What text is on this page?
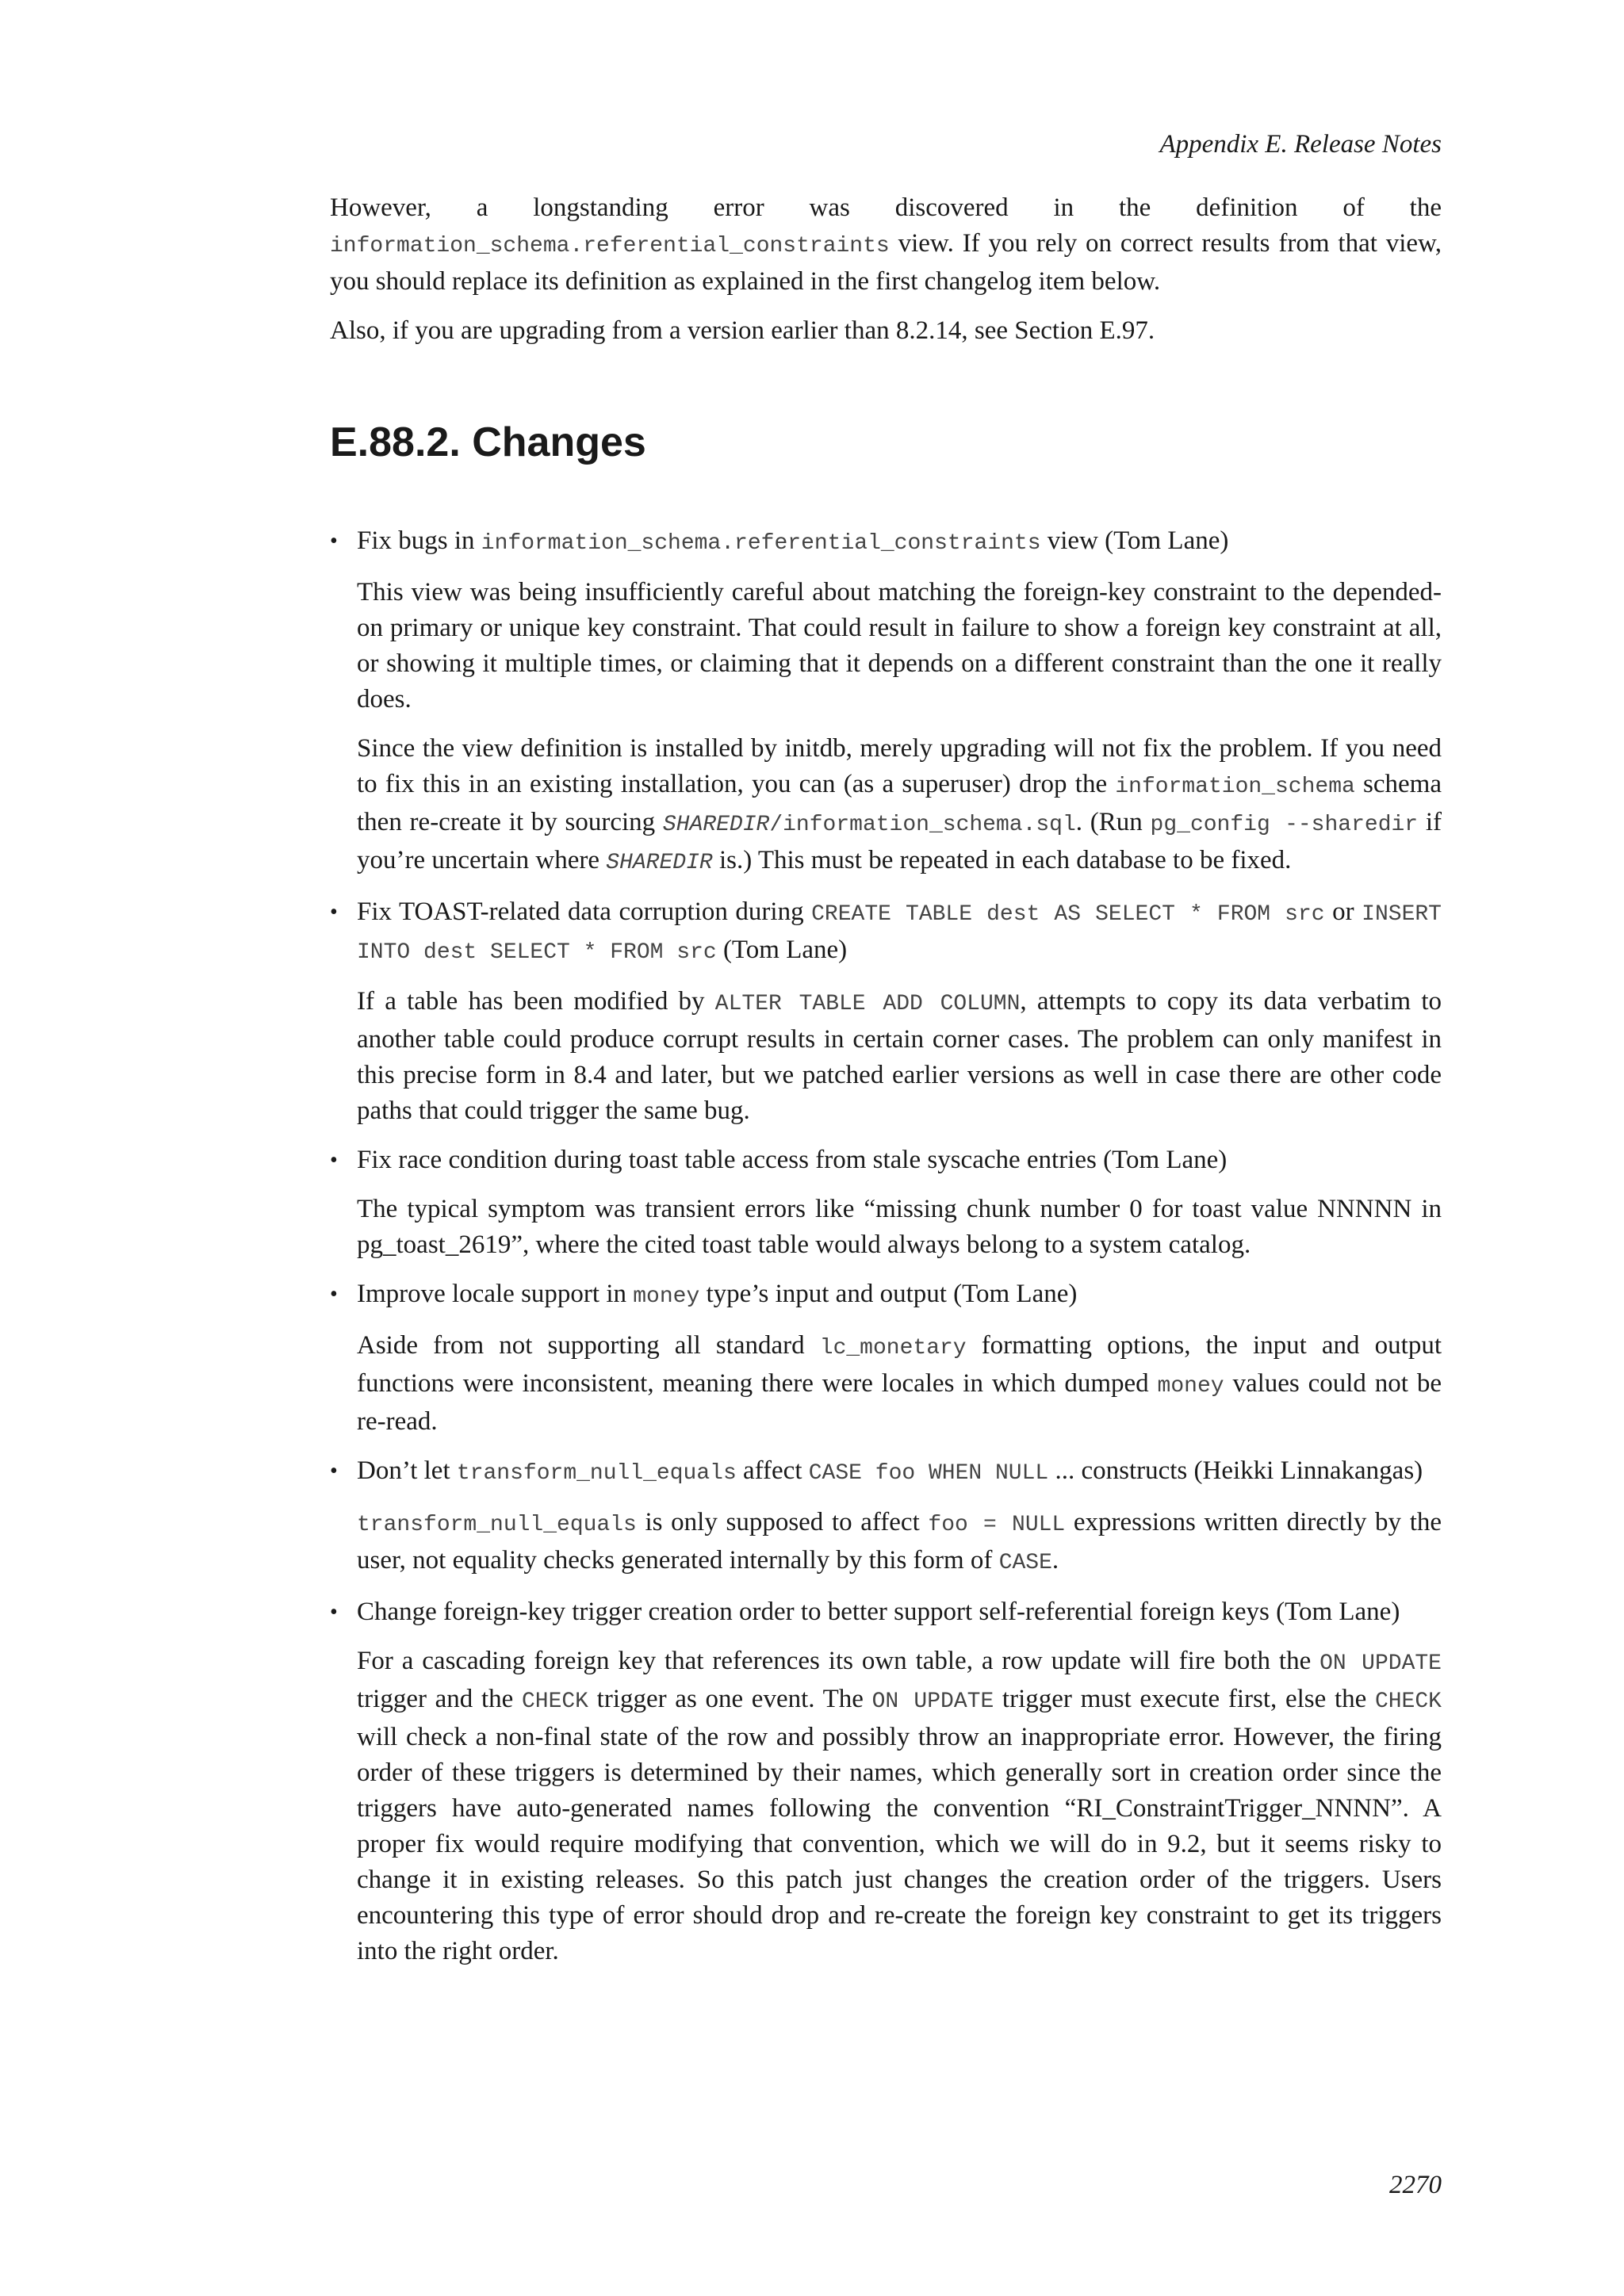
Appendix E. Release Notes

However, a longstanding error was discovered in the definition of the information_schema.referential_constraints view. If you rely on correct results from that view, you should replace its definition as explained in the first changelog item below.

Also, if you are upgrading from a version earlier than 8.2.14, see Section E.97.

E.88.2. Changes
• Fix bugs in information_schema.referential_constraints view (Tom Lane)

This view was being insufficiently careful about matching the foreign-key constraint to the depended-on primary or unique key constraint. That could result in failure to show a foreign key constraint at all, or showing it multiple times, or claiming that it depends on a different constraint than the one it really does.

Since the view definition is installed by initdb, merely upgrading will not fix the problem. If you need to fix this in an existing installation, you can (as a superuser) drop the information_schema schema then re-create it by sourcing SHAREDIR/information_schema.sql. (Run pg_config --sharedir if you’re uncertain where SHAREDIR is.) This must be repeated in each database to be fixed.

• Fix TOAST-related data corruption during CREATE TABLE dest AS SELECT * FROM src or INSERT INTO dest SELECT * FROM src (Tom Lane)

If a table has been modified by ALTER TABLE ADD COLUMN, attempts to copy its data verbatim to another table could produce corrupt results in certain corner cases. The problem can only manifest in this precise form in 8.4 and later, but we patched earlier versions as well in case there are other code paths that could trigger the same bug.

• Fix race condition during toast table access from stale syscache entries (Tom Lane)

The typical symptom was transient errors like “missing chunk number 0 for toast value NNNNN in pg_toast_2619”, where the cited toast table would always belong to a system catalog.

• Improve locale support in money type’s input and output (Tom Lane)

Aside from not supporting all standard lc_monetary formatting options, the input and output functions were inconsistent, meaning there were locales in which dumped money values could not be re-read.

• Don’t let transform_null_equals affect CASE foo WHEN NULL ... constructs (Heikki Linnakangas)

transform_null_equals is only supposed to affect foo = NULL expressions written directly by the user, not equality checks generated internally by this form of CASE.

• Change foreign-key trigger creation order to better support self-referential foreign keys (Tom Lane)

For a cascading foreign key that references its own table, a row update will fire both the ON UPDATE trigger and the CHECK trigger as one event. The ON UPDATE trigger must execute first, else the CHECK will check a non-final state of the row and possibly throw an inappropriate error. However, the firing order of these triggers is determined by their names, which generally sort in creation order since the triggers have auto-generated names following the convention “RI_ConstraintTrigger_NNNN”. A proper fix would require modifying that convention, which we will do in 9.2, but it seems risky to change it in existing releases. So this patch just changes the creation order of the triggers. Users encountering this type of error should drop and re-create the foreign key constraint to get its triggers into the right order.

2270
